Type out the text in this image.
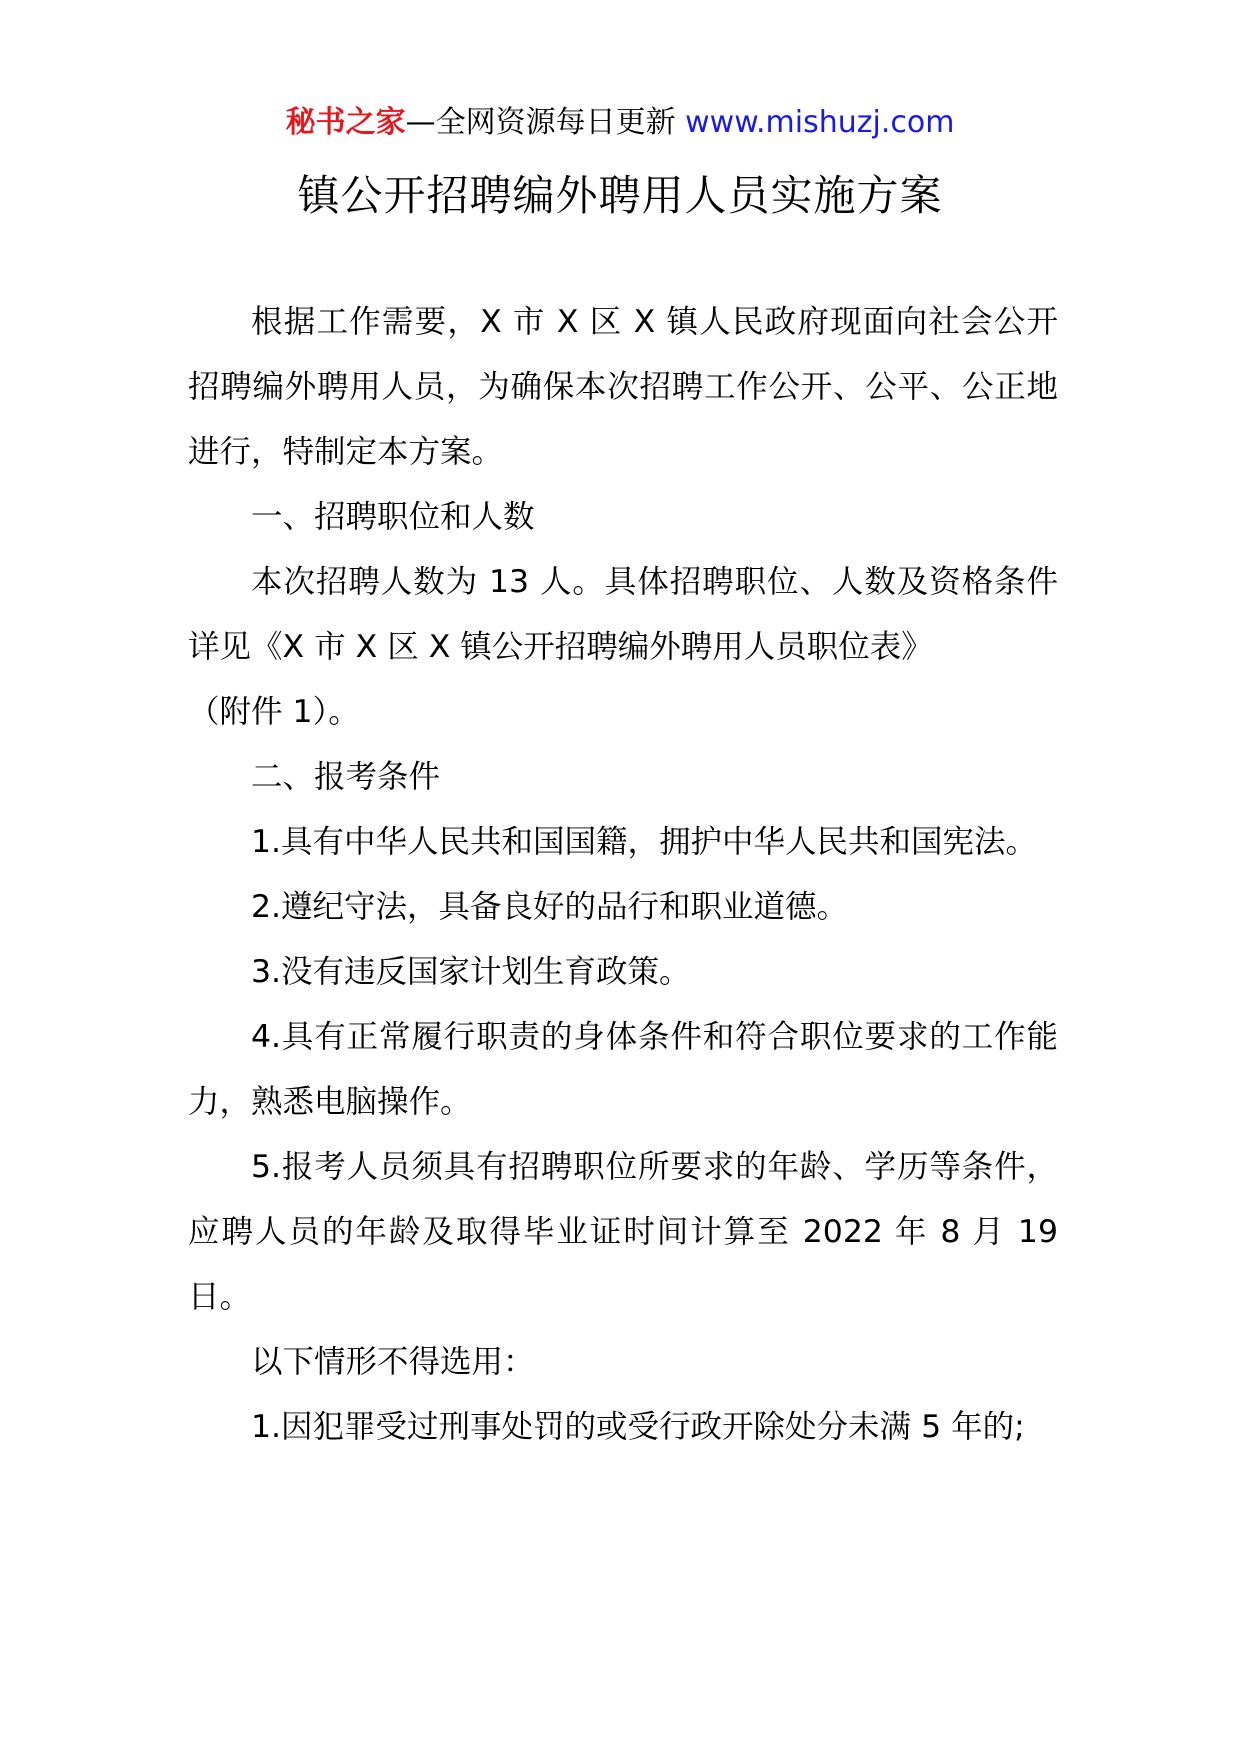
秘书之家—全网资源每日更新 www.mishuzj.com
镇公开招聘编外聘用人员实施方案

根据工作需要，X 市 X 区 X 镇人民政府现面向社会公开招聘编外聘用人员，为确保本次招聘工作公开、公平、公正地进行，特制定本方案。

一、招聘职位和人数

本次招聘人数为 13 人。具体招聘职位、人数及资格条件详见《X 市 X 区 X 镇公开招聘编外聘用人员职位表》

（附件 1）。

二、报考条件

1.具有中华人民共和国国籍，拥护中华人民共和国宪法。

2.遵纪守法，具备良好的品行和职业道德。

3.没有违反国家计划生育政策。

4.具有正常履行职责的身体条件和符合职位要求的工作能力，熟悉电脑操作。

5.报考人员须具有招聘职位所要求的年龄、学历等条件，应聘人员的年龄及取得毕业证时间计算至 2022 年 8 月 19 日。

以下情形不得选用：

1.因犯罪受过刑事处罚的或受行政开除处分未满 5 年的;
